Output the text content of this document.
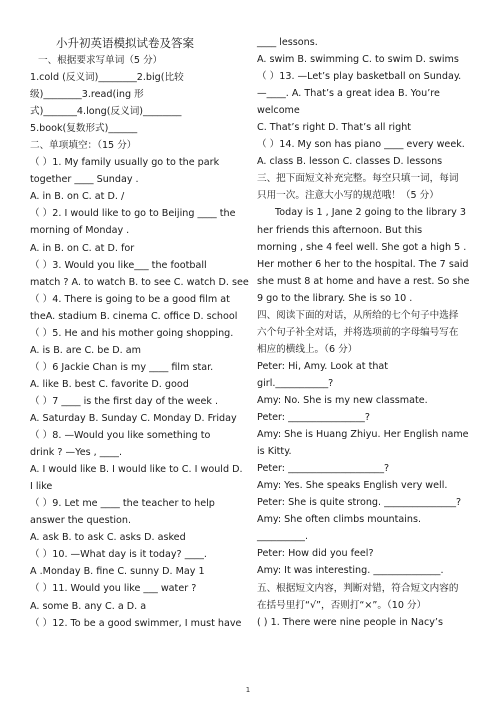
小升初英语模拟试卷及答案
一、根据要求写单词（5 分）
1.cold (反义词)________2.big(比较
级)________3.read(ing 形
式)_______4.long(反义词)________
5.book(复数形式)______
二、单项填空：（15 分）
（ ）1. My family usually go to the park
together ____ Sunday .
A. in B. on C. at D. /
（ ）2. I would like to go to Beijing ____ the
morning of Monday .
A. in B. on C. at D. for
（ ）3. Would you like___ the football
match ? A. to watch B. to see C. watch D. see
（ ）4. There is going to be a good film at
theA. stadium B. cinema C. office D. school
（ ）5. He and his mother going shopping.
A. is B. are C. be D. am
（ ）6 Jackie Chan is my ____ film star.
A. like B. best C. favorite D. good
（ ）7 ____ is the first day of the week .
A. Saturday B. Sunday C. Monday D. Friday
（ ）8. —Would you like something to
drink ? —Yes , ____.
A. I would like B. I would like to C. I would D.
I like
（ ）9. Let me ____ the teacher to help
answer the question.
A. ask B. to ask C. asks D. asked
（ ）10. —What day is it today? ____.
A .Monday B. fine C. sunny D. May 1
（ ）11. Would you like ___ water ?
A. some B. any C. a D. a
（ ）12. To be a good swimmer, I must have
____ lessons.
A. swim B. swimming C. to swim D. swims
（ ）13. —Let’s play basketball on Sunday.
—____. A. That’s a great idea B. You’re
welcome
C. That’s right D. That’s all right
（ ）14. My son has piano ____ every week.
A. class B. lesson C. classes D. lessons
三、把下面短文补充完整。每空只填一词，每词
只用一次。注意大小写的规范哦！（5 分）
Today is 1 , Jane 2 going to the library 3
her friends this afternoon. But this
morning , she 4 feel well. She got a high 5 .
Her mother 6 her to the hospital. The 7 said
she must 8 at home and have a rest. So she
9 go to the library. She is so 10 .
四、阅读下面的对话，从所给的七个句子中选择
六个句子补全对话，并将选项前的字母编号写在
相应的横线上。（6 分）
Peter: Hi, Amy. Look at that
girl.___________?
Amy: No. She is my new classmate.
Peter: ________________?
Amy: She is Huang Zhiyu. Her English name
is Kitty.
Peter: ____________________?
Amy: Yes. She speaks English very well.
Peter: She is quite strong. _______________?
Amy: She often climbs mountains.
__________.
Peter: How did you feel?
Amy: It was interesting. ______________.
五、根据短文内容，判断对错，符合短文内容的
在括号里打“√”，否则打“×”。（10 分）
( ) 1. There were nine people in Nacy’s
1
